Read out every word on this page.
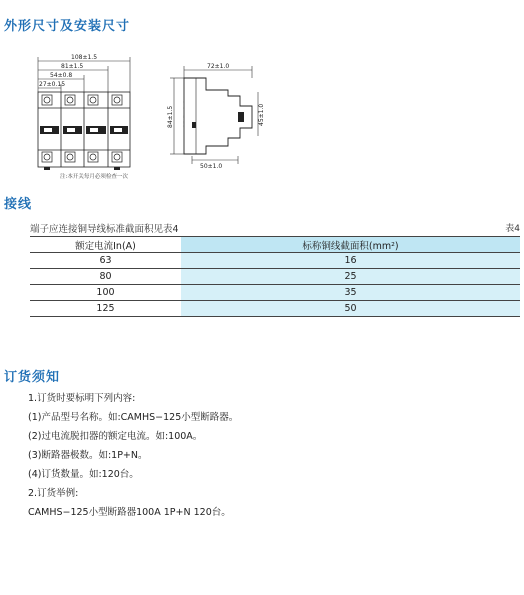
外形尺寸及安装尺寸
108±1.5
81±1.5
54±0.8
27±0.15
注:本开关每月必须检查一次
72±1.0
84±1.5	45±1.0
50±1.0
接线
端子应连接铜导线标准截面积见表4	表4
额定电流In(A)	标称铜线截面积(mm²)
63	16
80	25
100	35
125	50
订货须知
1.订货时要标明下列内容:
(1)产品型号名称。如:CAMHS−125小型断路器。
(2)过电流脱扣器的额定电流。如:100A。
(3)断路器极数。如:1P+N。
(4)订货数量。如:120台。
2.订货举例:
CAMHS−125小型断路器100A 1P+N 120台。
